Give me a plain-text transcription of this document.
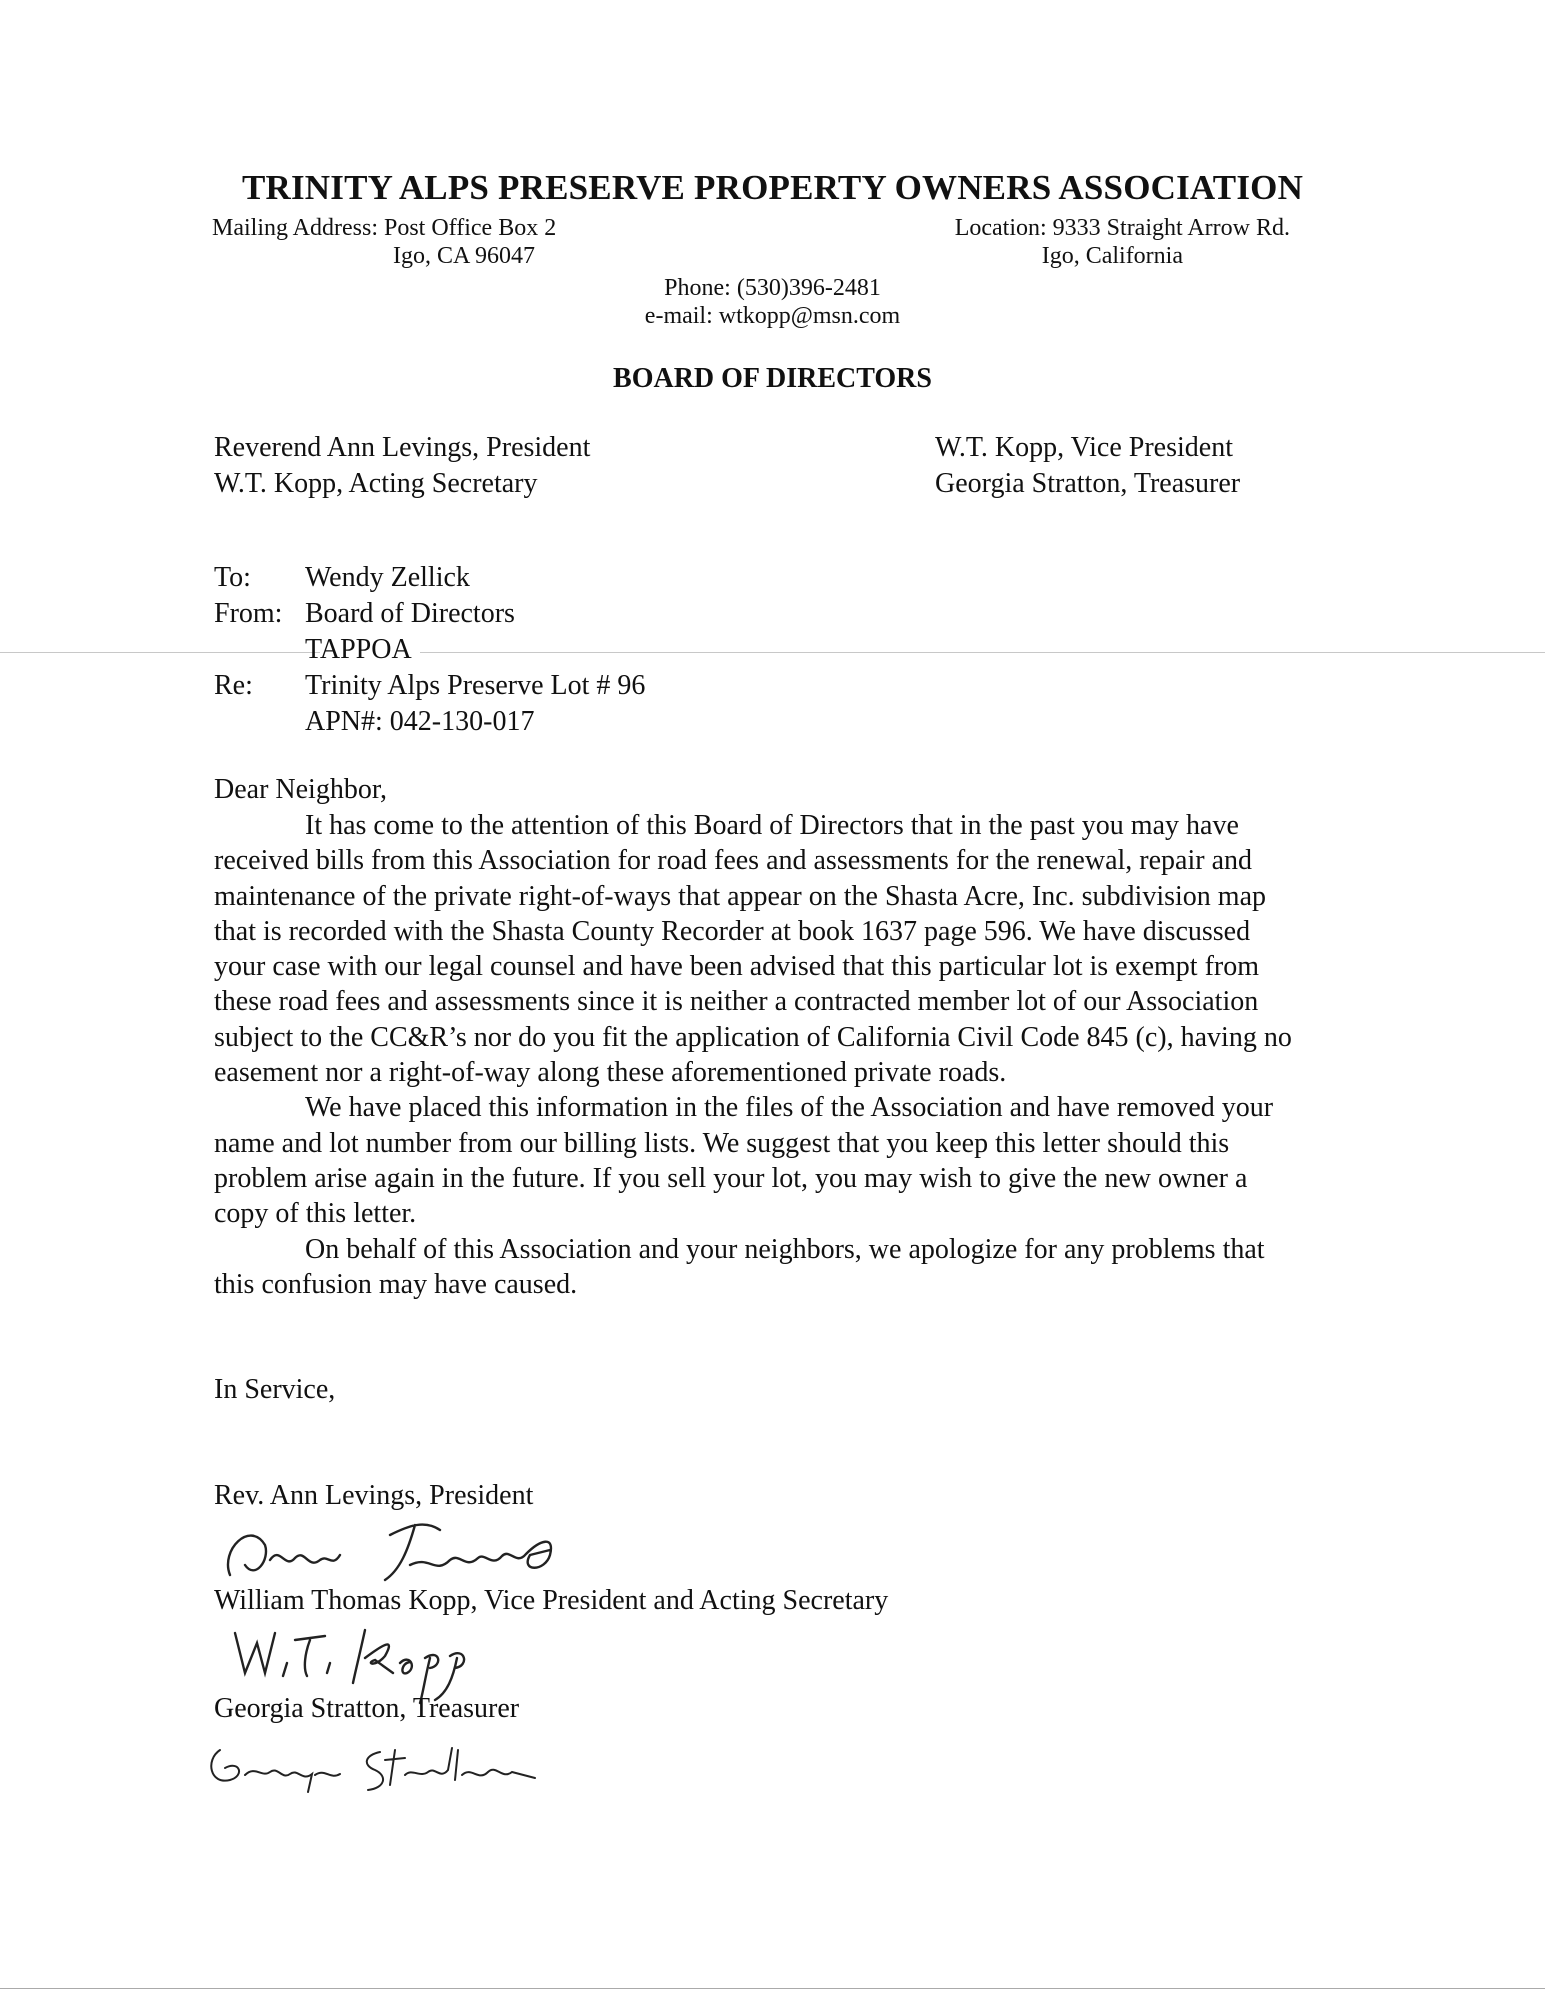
TRINITY ALPS PRESERVE PROPERTY OWNERS ASSOCIATION
Mailing Address: Post Office Box 2
Igo, CA 96047
Location: 9333 Straight Arrow Rd.
Igo, California
Phone: (530)396-2481
e-mail: wtkopp@msn.com
BOARD OF DIRECTORS
Reverend Ann Levings, President
W.T. Kopp, Acting Secretary
W.T. Kopp, Vice President
Georgia Stratton, Treasurer
To: Wendy Zellick
From: Board of Directors
TAPPOA
Re: Trinity Alps Preserve Lot # 96
APN#: 042-130-017
Dear Neighbor,

It has come to the attention of this Board of Directors that in the past you may have received bills from this Association for road fees and assessments for the renewal, repair and maintenance of the private right-of-ways that appear on the Shasta Acre, Inc. subdivision map that is recorded with the Shasta County Recorder at book 1637 page 596. We have discussed your case with our legal counsel and have been advised that this particular lot is exempt from these road fees and assessments since it is neither a contracted member lot of our Association subject to the CC&R’s nor do you fit the application of California Civil Code 845 (c), having no easement nor a right-of-way along these aforementioned private roads.

We have placed this information in the files of the Association and have removed your name and lot number from our billing lists. We suggest that you keep this letter should this problem arise again in the future. If you sell your lot, you may wish to give the new owner a copy of this letter.

On behalf of this Association and your neighbors, we apologize for any problems that this confusion may have caused.

In Service,
Rev. Ann Levings, President
William Thomas Kopp, Vice President and Acting Secretary
Georgia Stratton, Treasurer
